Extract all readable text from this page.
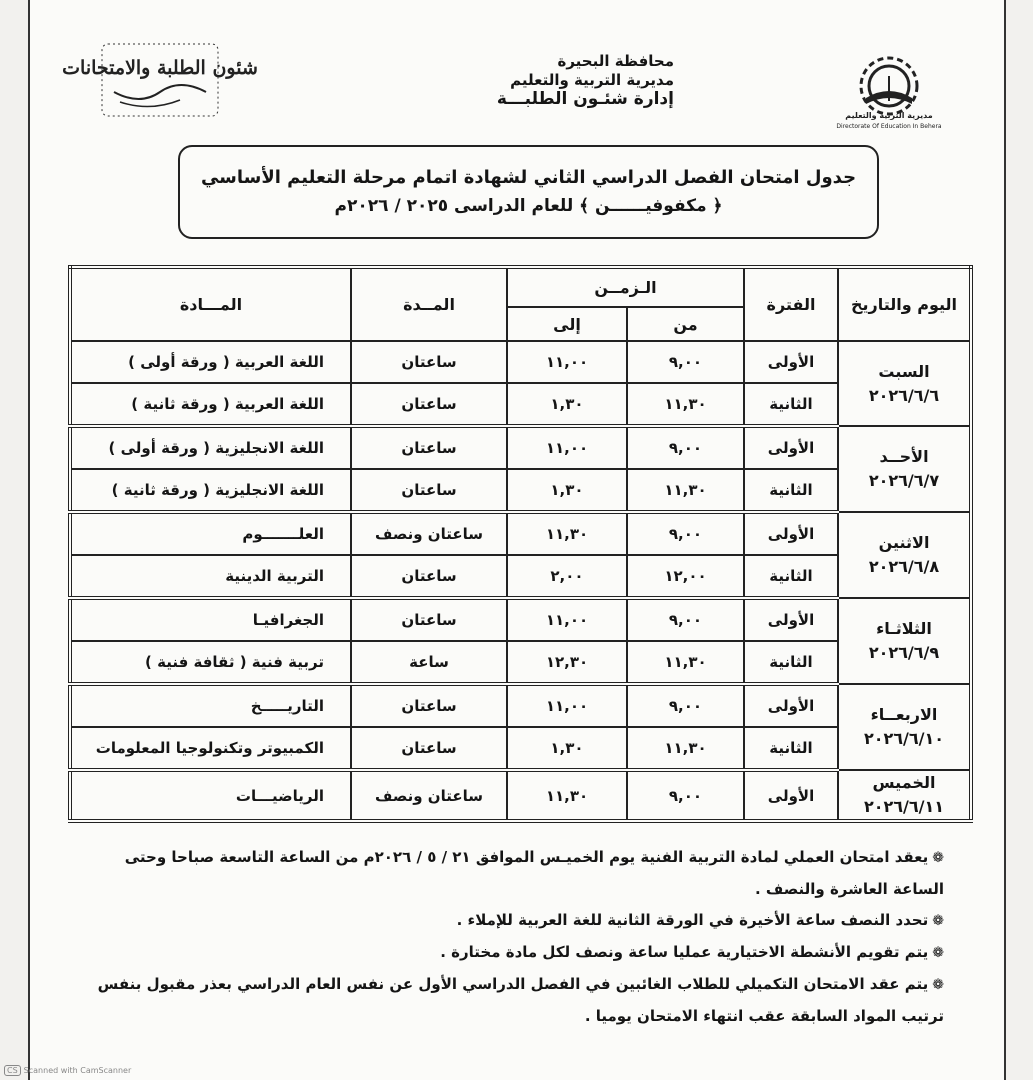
شئون الطلبة والامتحانات	محافظة البحيرة
مديرية التربية والتعليم
إدارة شئـون الطلبـــة
مديرية التربية والتعليم
Directorate Of Education In Behera
جدول امتحان الفصل الدراسي الثاني لشهادة اتمام مرحلة التعليم الأساسي
﴿ مكفوفيــــــن ﴾ للعام الدراسى ٢٠٢٥ / ٢٠٢٦م
اليوم والتاريخ	الفترة	الـزمــن		المــدة	المـــادة
		من	إلى		

السبت
٢٠٢٦/٦/٦	الأولى	٩,٠٠	١١,٠٠	ساعتان	اللغة العربية ( ورقة أولى )
	الثانية	١١,٣٠	١,٣٠	ساعتان	اللغة العربية ( ورقة ثانية )

الأحــد
٢٠٢٦/٦/٧	الأولى	٩,٠٠	١١,٠٠	ساعتان	اللغة الانجليزية ( ورقة أولى )
	الثانية	١١,٣٠	١,٣٠	ساعتان	اللغة الانجليزية ( ورقة ثانية )

الاثنين
٢٠٢٦/٦/٨	الأولى	٩,٠٠	١١,٣٠	ساعتان ونصف	العلـــــــوم
	الثانية	١٢,٠٠	٢,٠٠	ساعتان	التربية الدينية

الثلاثـاء
٢٠٢٦/٦/٩	الأولى	٩,٠٠	١١,٠٠	ساعتان	الجغرافيـا
	الثانية	١١,٣٠	١٢,٣٠	ساعة	تربية فنية ( ثقافة فنية )

الاربعــاء
٢٠٢٦/٦/١٠	الأولى	٩,٠٠	١١,٠٠	ساعتان	التاريـــــخ
	الثانية	١١,٣٠	١,٣٠	ساعتان	الكمبيوتر وتكنولوجيا المعلومات

الخميس
٢٠٢٦/٦/١١	الأولى	٩,٠٠	١١,٣٠	ساعتان ونصف	الرياضيـــات
❁يعقد امتحان العملي لمادة التربية الفنية يوم الخميـس الموافق ٢١ / ٥ / ٢٠٢٦م من الساعة التاسعة صباحا وحتى الساعة العاشرة والنصف .
❁تحدد النصف ساعة الأخيرة في الورقة الثانية للغة العربية للإملاء .
❁يتم تقويم الأنشطة الاختيارية عمليا ساعة ونصف لكل مادة مختارة .
❁يتم عقد الامتحان التكميلي للطلاب الغائبين في الفصل الدراسي الأول عن نفس العام الدراسي بعذر مقبول بنفس ترتيب المواد السابقة عقب انتهاء الامتحان يوميا .
CS Scanned with CamScanner
